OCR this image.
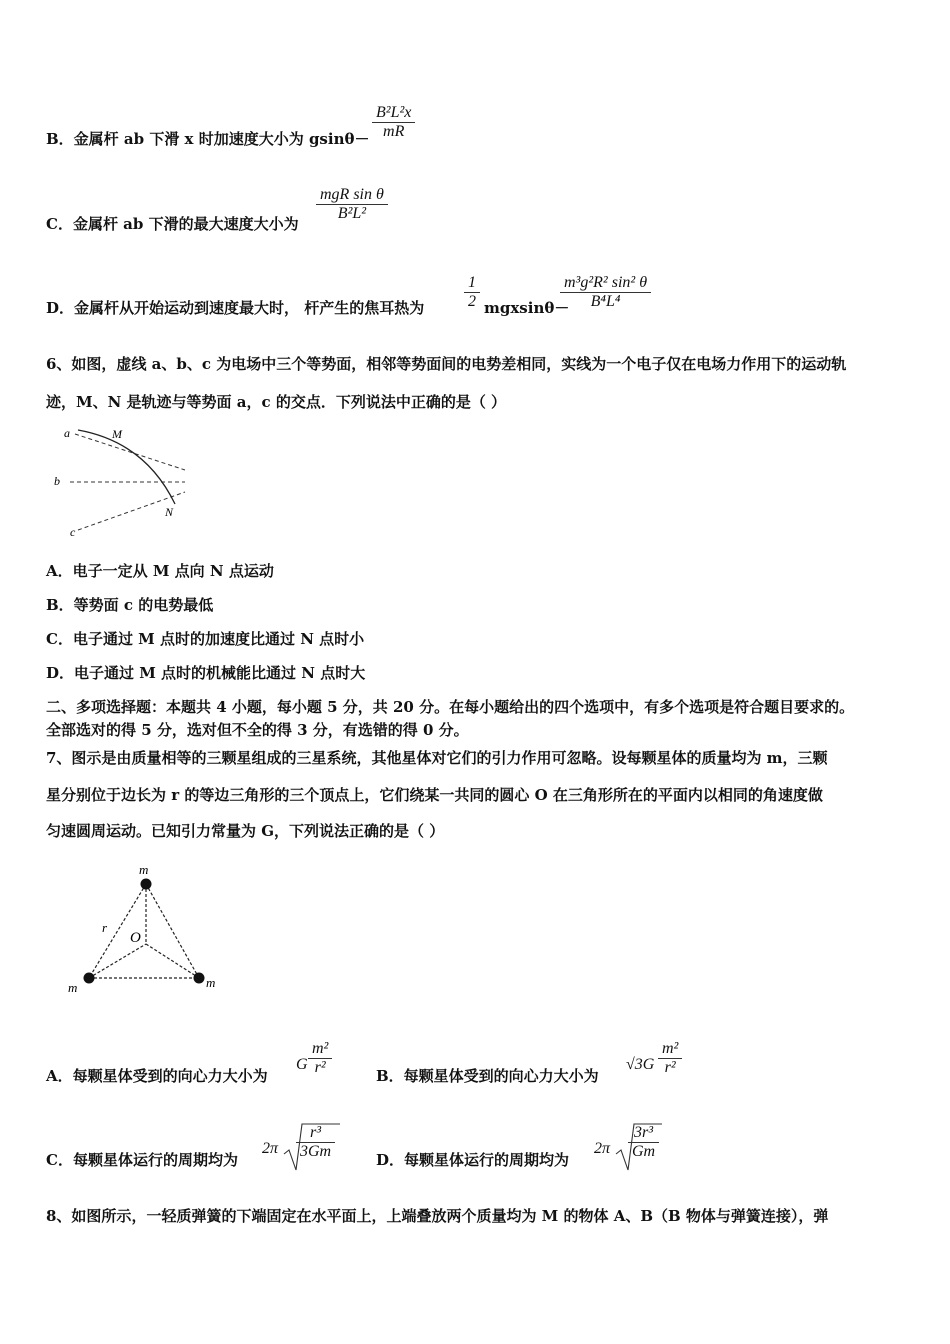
B．金属杆 ab 下滑 x 时加速度大小为 $gsin\theta- \frac{\text{B²L²x}}{mR}$
C．金属杆 ab 下滑的最大速度大小为
mgR sin θ
B²L²
D．金属杆从开始运动到速度最大时， 杆产生的焦耳热为 $\frac{1}{2} mgxsin\theta-$
$\frac{\text{m³g²R² sin² θ}}{\text{B⁴L⁴}}$
6、如图，虚线 a、b、c 为电场中三个等势面，相邻等势面间的电势差相同，实线为一个电子仅在电场力作用下的运动轨
迹，M、N 是轨迹与等势面 a，c 的交点．下列说法中正确的是（ ）
a
b
c
M
N
A．电子一定从 M 点向 N 点运动
B．等势面 c 的电势最低
C．电子通过 M 点时的加速度比通过 N 点时小
D．电子通过 M 点时的机械能比通过 N 点时大
二、多项选择题：本题共 4 小题，每小题 5 分，共 20 分。在每小题给出的四个选项中，有多个选项是符合题目要求的。
全部选对的得 5 分，选对但不全的得 3 分，有选错的得 0 分。
7、图示是由质量相等的三颗星组成的三星系统，其他星体对它们的引力作用可忽略。设每颗星体的质量均为 m，三颗
星分别位于边长为 r 的等边三角形的三个顶点上，它们绕某一共同的圆心 O 在三角形所在的平面内以相同的角速度做
匀速圆周运动。已知引力常量为 G，下列说法正确的是（ ）
m
m	m
r
O
A．每颗星体受到的向心力大小为
G $\frac{\text{m²}}{\text{r²}}$	B．每颗星体受到的向心力大小为
$√3G \frac{\text{m²}}{\text{r²}}$
C．每颗星体运行的周期均为
$2\pi \frac{\text{r³}}{3Gm}$	D．每颗星体运行的周期均为
$2\pi \frac{\text{3r³}}{Gm}$
8、如图所示，一轻质弹簧的下端固定在水平面上，上端叠放两个质量均为 M 的物体 A、B（B 物体与弹簧连接），弹
